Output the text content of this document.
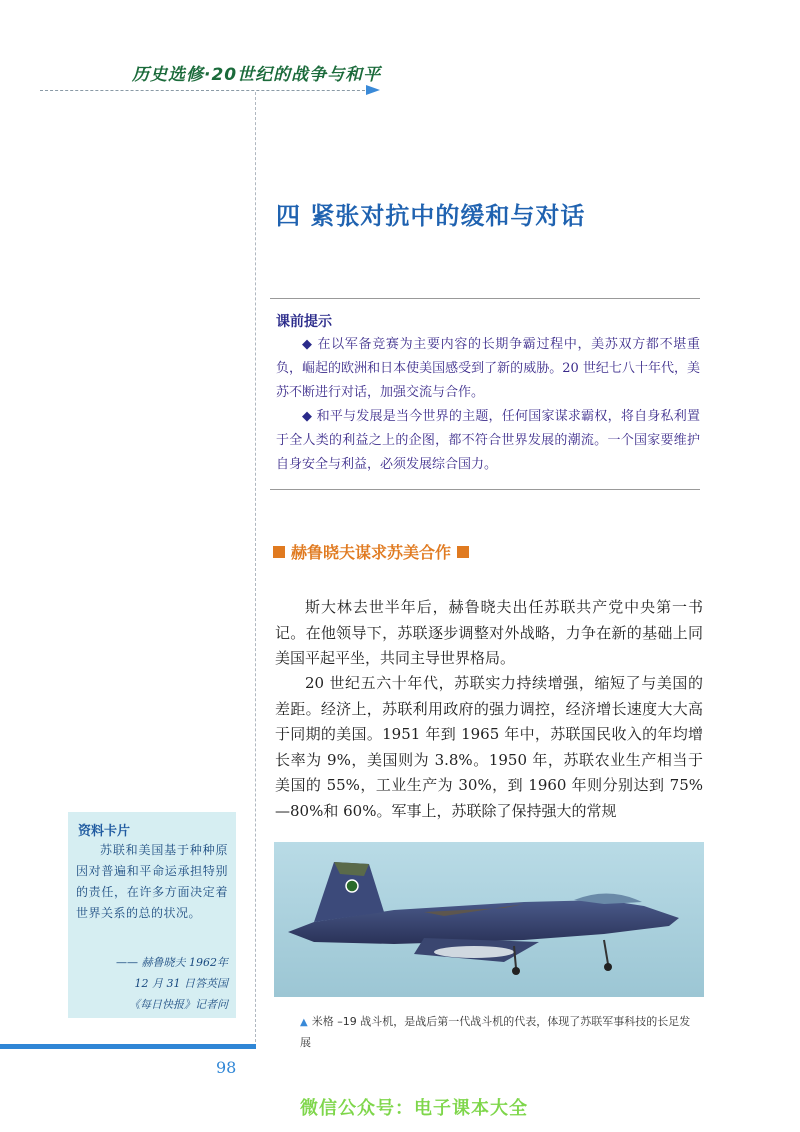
历史选修·20世纪的战争与和平
四 紧张对抗中的缓和与对话
课前提示
◆ 在以军备竞赛为主要内容的长期争霸过程中，美苏双方都不堪重负，崛起的欧洲和日本使美国感受到了新的威胁。20 世纪七八十年代，美苏不断进行对话，加强交流与合作。
◆ 和平与发展是当今世界的主题，任何国家谋求霸权，将自身私利置于全人类的利益之上的企图，都不符合世界发展的潮流。一个国家要维护自身安全与利益，必须发展综合国力。
赫鲁晓夫谋求苏美合作
斯大林去世半年后，赫鲁晓夫出任苏联共产党中央第一书记。在他领导下，苏联逐步调整对外战略，力争在新的基础上同美国平起平坐，共同主导世界格局。
20 世纪五六十年代，苏联实力持续增强，缩短了与美国的差距。经济上，苏联利用政府的强力调控，经济增长速度大大高于同期的美国。1951 年到 1965 年中，苏联国民收入的年均增长率为 9%，美国则为 3.8%。1950 年，苏联农业生产相当于美国的 55%，工业生产为 30%，到 1960 年则分别达到 75%—80%和 60%。军事上，苏联除了保持强大的常规
资料卡片
苏联和美国基于种种原因对普遍和平命运承担特别的责任，在许多方面决定着世界关系的总的状况。
—— 赫鲁晓夫 1962年
12 月 31 日答英国
《每日快报》记者问
▲ 米格 –19 战斗机，是战后第一代战斗机的代表，体现了苏联军事科技的长足发展
98
微信公众号：电子课本大全
